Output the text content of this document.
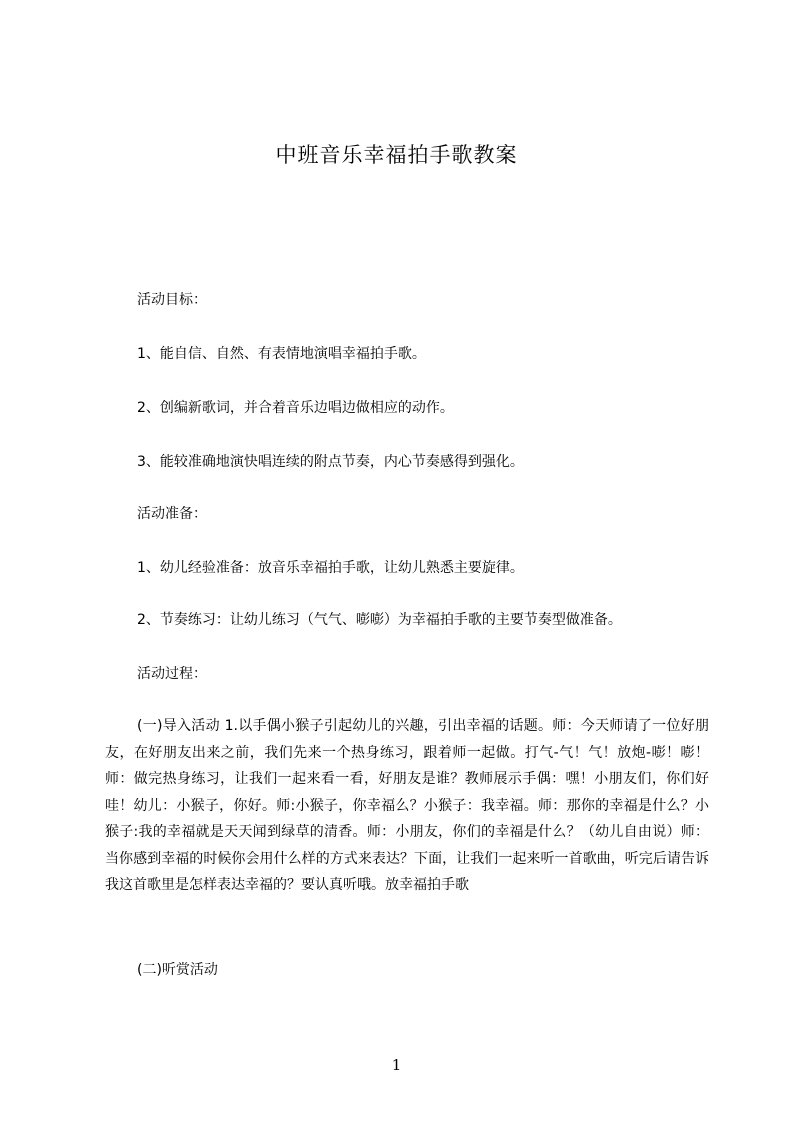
中班音乐幸福拍手歌教案
活动目标：
1、能自信、自然、有表情地演唱幸福拍手歌。
2、创编新歌词，并合着音乐边唱边做相应的动作。
3、能较准确地演快唱连续的附点节奏，内心节奏感得到强化。
活动准备：
1、幼儿经验准备：放音乐幸福拍手歌，让幼儿熟悉主要旋律。
2、节奏练习：让幼儿练习（气气、嘭嘭）为幸福拍手歌的主要节奏型做准备。
活动过程：

(一)导入活动 1.以手偶小猴子引起幼儿的兴趣，引出幸福的话题。师：今天师请了一位好朋友，在好朋友出来之前，我们先来一个热身练习，跟着师一起做。打气-气！气！放炮-嘭！嘭！师：做完热身练习，让我们一起来看一看，好朋友是谁？教师展示手偶：嘿！小朋友们，你们好哇！幼儿：小猴子，你好。师:小猴子，你幸福么？小猴子：我幸福。师：那你的幸福是什么？小猴子:我的幸福就是天天闻到绿草的清香。师：小朋友，你们的幸福是什么？（幼儿自由说）师：当你感到幸福的时候你会用什么样的方式来表达？下面，让我们一起来听一首歌曲，听完后请告诉我这首歌里是怎样表达幸福的？要认真听哦。放幸福拍手歌

(二)听赏活动
1
